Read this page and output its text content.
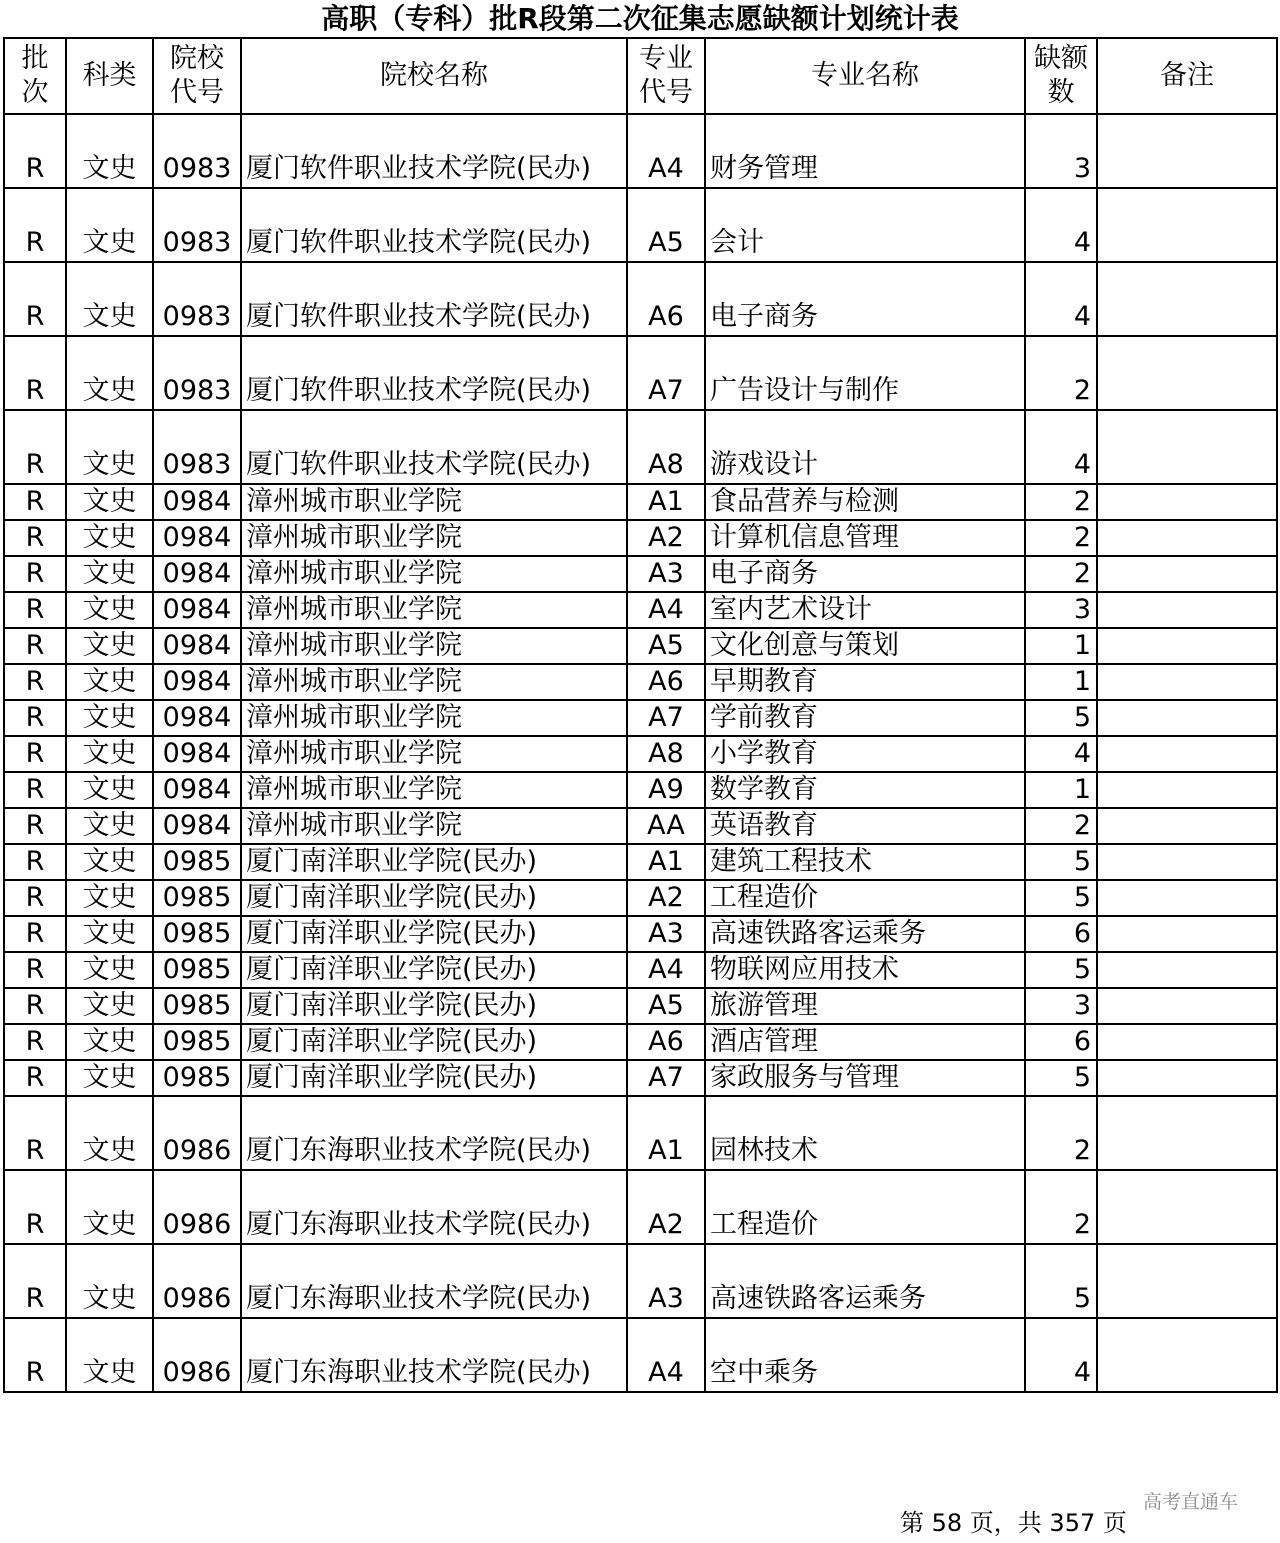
高职（专科）批R段第二次征集志愿缺额计划统计表
批次	科类	院校代号	院校名称	专业代号	专业名称	缺额数	备注
R	文史	0983	厦门软件职业技术学院(民办)	A4	财务管理	3	
R	文史	0983	厦门软件职业技术学院(民办)	A5	会计	4	
R	文史	0983	厦门软件职业技术学院(民办)	A6	电子商务	4	
R	文史	0983	厦门软件职业技术学院(民办)	A7	广告设计与制作	2	
R	文史	0983	厦门软件职业技术学院(民办)	A8	游戏设计	4	
R	文史	0984	漳州城市职业学院	A1	食品营养与检测	2	
R	文史	0984	漳州城市职业学院	A2	计算机信息管理	2	
R	文史	0984	漳州城市职业学院	A3	电子商务	2	
R	文史	0984	漳州城市职业学院	A4	室内艺术设计	3	
R	文史	0984	漳州城市职业学院	A5	文化创意与策划	1	
R	文史	0984	漳州城市职业学院	A6	早期教育	1	
R	文史	0984	漳州城市职业学院	A7	学前教育	5	
R	文史	0984	漳州城市职业学院	A8	小学教育	4	
R	文史	0984	漳州城市职业学院	A9	数学教育	1	
R	文史	0984	漳州城市职业学院	AA	英语教育	2	
R	文史	0985	厦门南洋职业学院(民办)	A1	建筑工程技术	5	
R	文史	0985	厦门南洋职业学院(民办)	A2	工程造价	5	
R	文史	0985	厦门南洋职业学院(民办)	A3	高速铁路客运乘务	6	
R	文史	0985	厦门南洋职业学院(民办)	A4	物联网应用技术	5	
R	文史	0985	厦门南洋职业学院(民办)	A5	旅游管理	3	
R	文史	0985	厦门南洋职业学院(民办)	A6	酒店管理	6	
R	文史	0985	厦门南洋职业学院(民办)	A7	家政服务与管理	5	
R	文史	0986	厦门东海职业技术学院(民办)	A1	园林技术	2	
R	文史	0986	厦门东海职业技术学院(民办)	A2	工程造价	2	
R	文史	0986	厦门东海职业技术学院(民办)	A3	高速铁路客运乘务	5	
R	文史	0986	厦门东海职业技术学院(民办)	A4	空中乘务	4	
第 58 页，共 357 页
高考直通车
